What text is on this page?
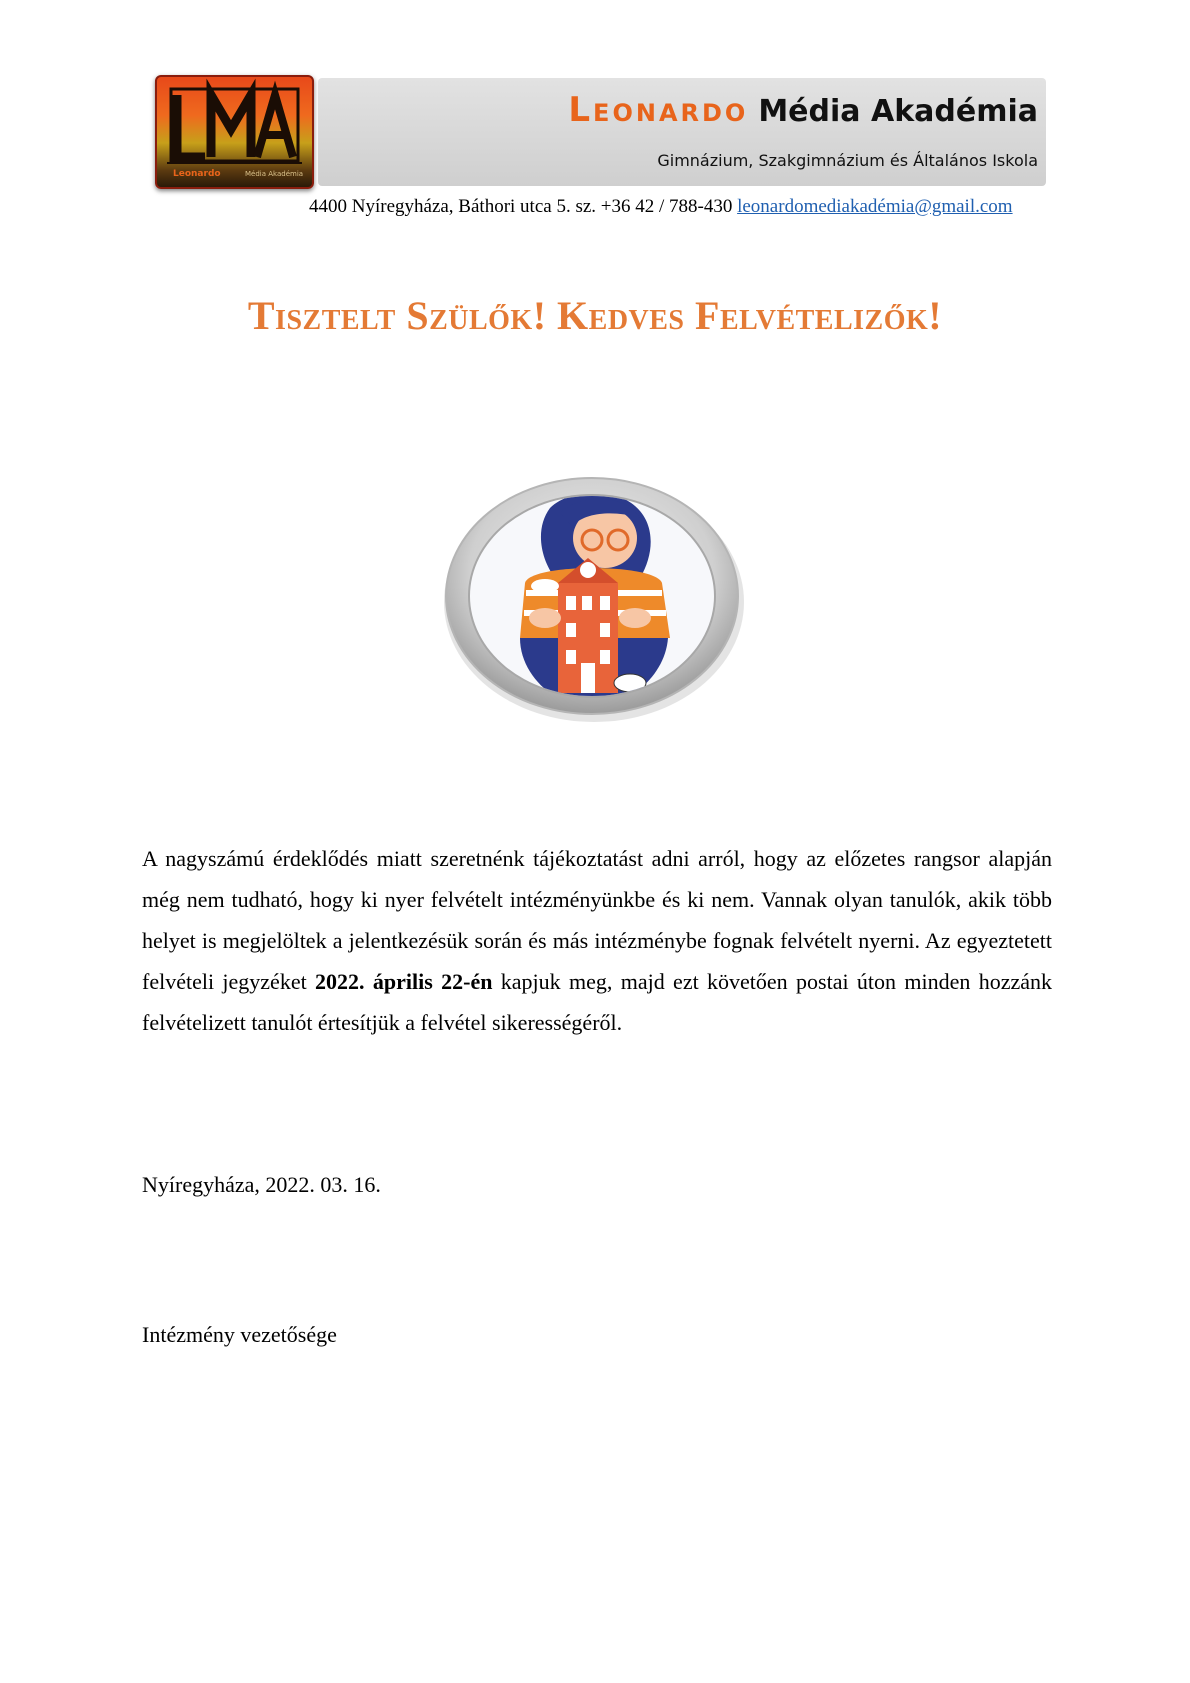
Leonardo	Média Akadémia
Leonardo Média Akadémia
Gimnázium, Szakgimnázium és Általános Iskola
4400 Nyíregyháza, Báthori utca 5. sz. +36 42 / 788-430 leonardomediakadémia@gmail.com
Tisztelt Szülők! Kedves Felvételizők!

A nagyszámú érdeklődés miatt szeretnénk tájékoztatást adni arról, hogy az előzetes rangsor alapján még nem tudható, hogy ki nyer felvételt intézményünkbe és ki nem. Vannak olyan tanulók, akik több helyet is megjelöltek a jelentkezésük során és más intézménybe fognak felvételt nyerni. Az egyeztetett felvételi jegyzéket 2022. április 22-én kapjuk meg, majd ezt követően postai úton minden hozzánk felvételizett tanulót értesítjük a felvétel sikerességéről.

Nyíregyháza, 2022. 03. 16.
Intézmény vezetősége
